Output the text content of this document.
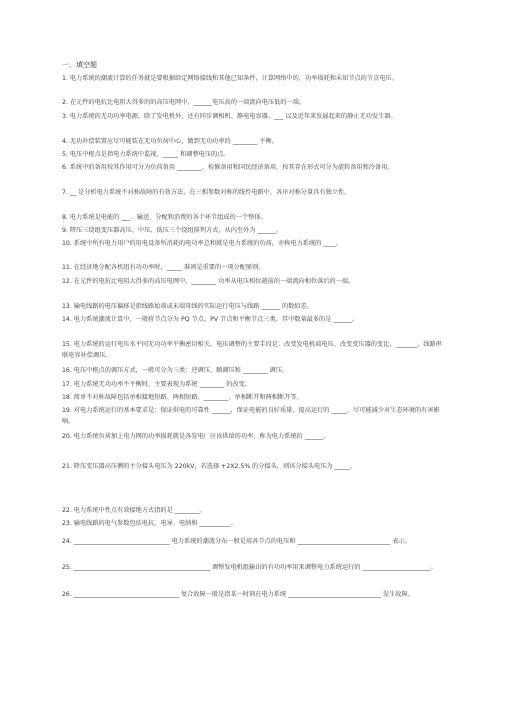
一、填空题
1. 电力系统的潮流计算的任务就是要根据给定网络接线和其他已知条件，计算网络中的、功率损耗和未知节点的节点电压。
2. 在元件的电抗比电阻大得多的的高压电网中，______电压高的一端流向电压低的一端。
3. 电力系统的无功功率电源，除了发电机外，还有同步调相机、静电电容器、___ 以及近年来发展起来的静止无功发生器。
4. 无功补偿装置应尽可能装在无功负荷中心，做到无功功率的 ________ 平衡。
5. 电压中枢点是指电力系统中监视、_____ 和调整电压的点。
6. 系统中的备用按其作用可分为负荷备用 ________、检修备用和国民经济备用，按其存在形式可分为旋转备用和冷备用。
7. __ 是分析电力系统不对称故障的有效方法，在三相参数对称的线性电路中，各序对称分量具有独立性。
8. 电力系统是电能的 ___、输送、分配和消费的各个环节组成的一个整体。
9. 降压三绕组变压器高压、中压、低压三个绕组排列方式，从内至外为 ______。
10. 系统中所有电力用户的用电设备所消耗的电功率总和就是电力系统的负荷，亦称电力系统的 ____。
11. 在经济地分配各机组有功功率时，_____ 准则是重要的一项分配原则。
12. 在元件的电抗比电阻大得多的高压电网中，________ 功率从电压相位越前的一端流向相位落后的一端。
13. 输电线路的电压偏移是指线路始端或末端母线的实际运行电压与线路 ______ 的数值差。
14. 电力系统潮流计算中，一般将节点分为 PQ 节点、PV 节点和平衡节点三类，其中数量最多的是 ______。
15. 电力系统的运行电压水平同无功功率平衡密切相关。电压调整的主要手段是：改变发电机端电压、改变变压器的变比、_______、线路串联电容补偿调压。
16. 电压中枢点的调压方式，一般可分为三类：逆调压、顺调压和 ________ 调压。
17. 电力系统无功功率不平衡时，主要表现为系统 ________ 的改变。
18. 简单不对称故障包括单相接地短路、两相短路、________、单相断开和两相断开等。
19. 对电力系统运行的基本要求是：保证供电的可靠性 ______，保证电能的良好质量，提高运行的 _____，尽可能减少对生态环境的有害影响。
20. 电力系统负荷加上电力网的功率损耗就是各发电厂应该供给的功率，称为电力系统的 ______。
21. 降压变压器高压侧的主分接头电压为 220kV，若选择 +2X2.5% 的分接头，则该分接头电压为 _____。
22. 电力系统中性点有效接地方式指的是 ________。
23. 输电线路的电气参数包括电抗、电导、电纳和 __________。
24. _______________________________ 电力系统的潮流分布一般是用各节点的电压和 ______________________________ 表示。
25. ____________________________________________ 调整发电机组输出的有功功率用来调整电力系统运行的 ______________________。
26. __________________________________ 复合故障一般是指某一时刻在电力系统 ______________________________ 发生故障。
